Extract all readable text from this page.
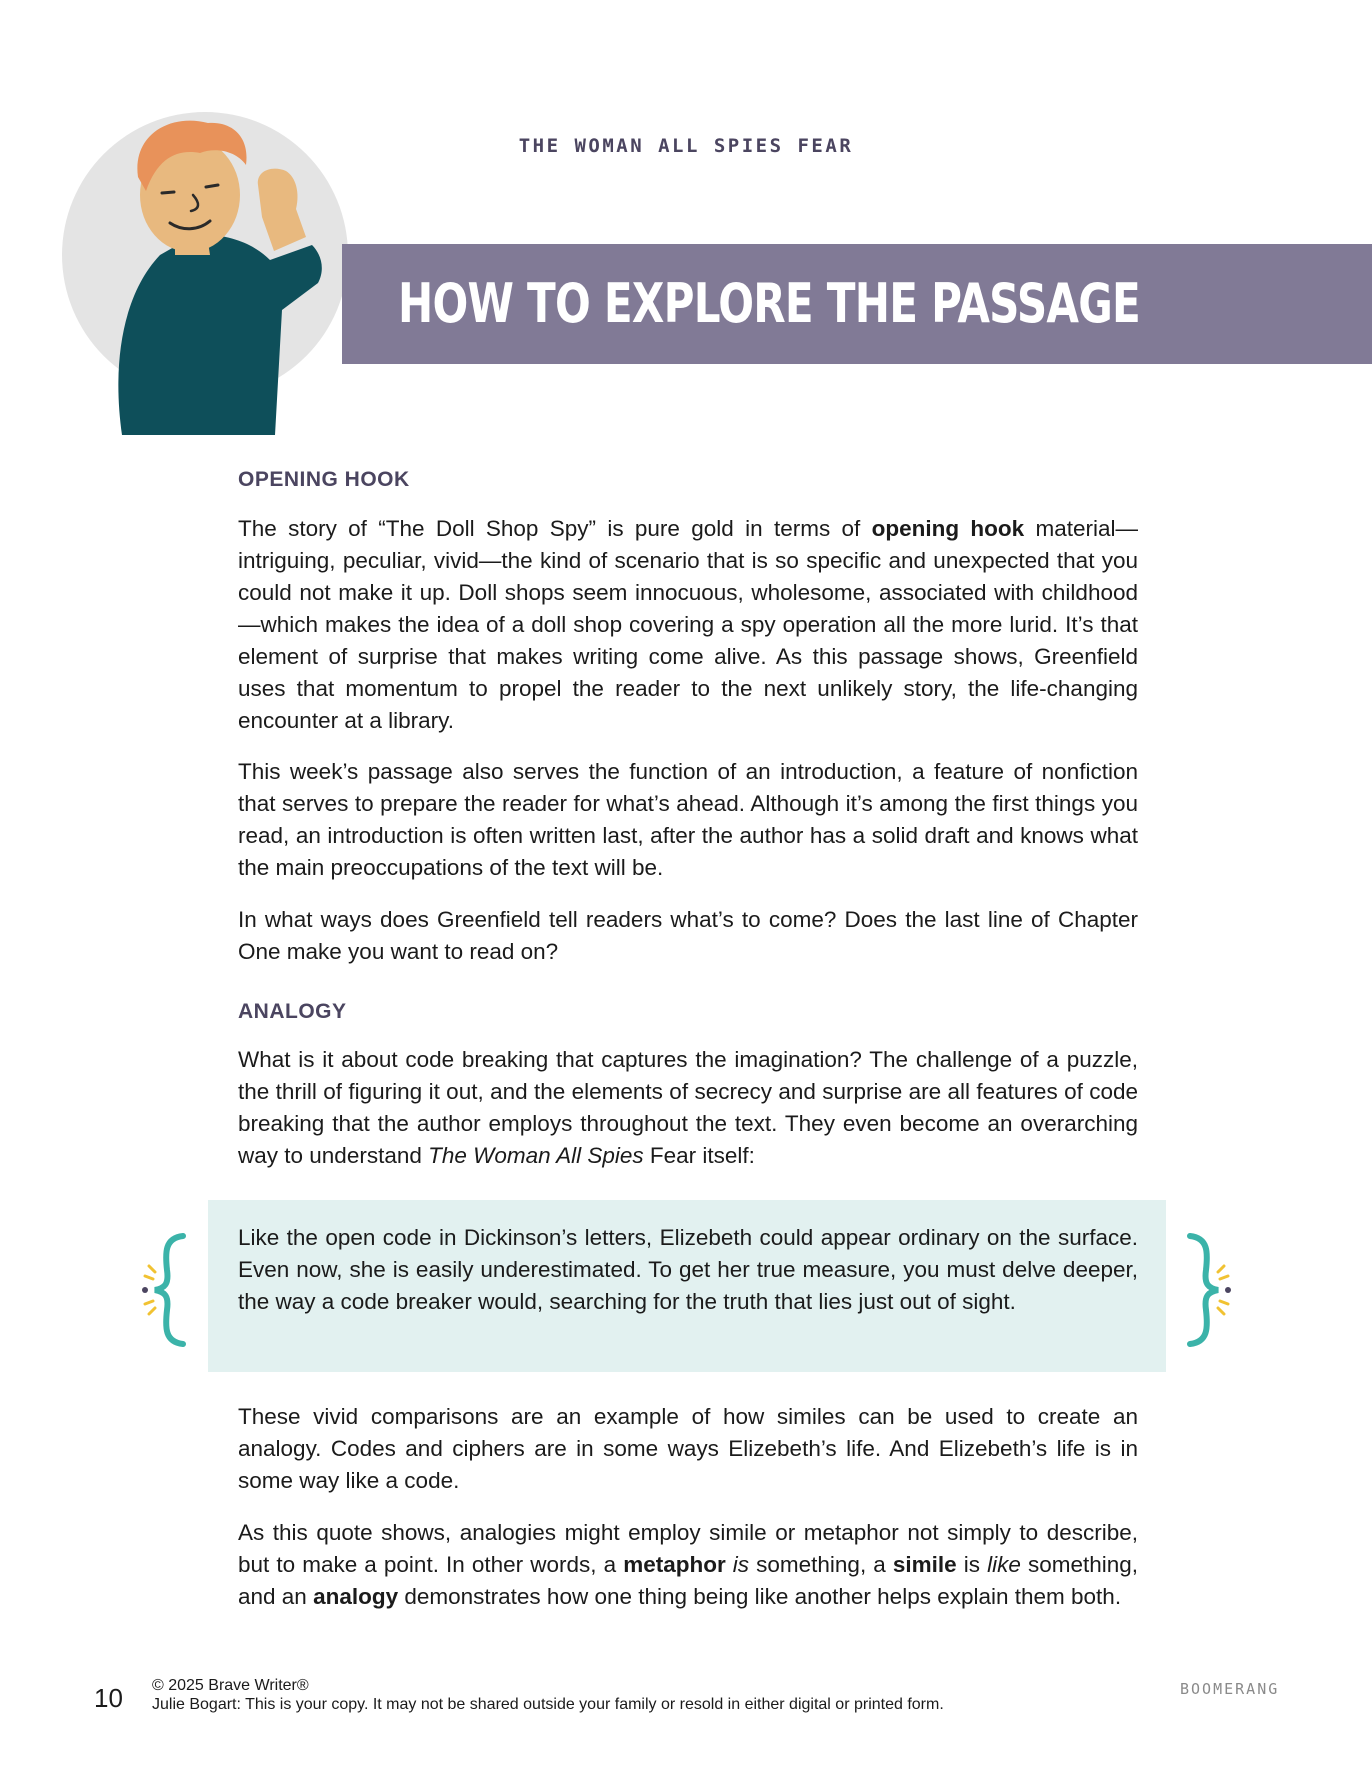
THE WOMAN ALL SPIES FEAR
HOW TO EXPLORE THE PASSAGE
OPENING HOOK

The story of “The Doll Shop Spy” is pure gold in terms of opening hook material—intriguing, peculiar, vivid—the kind of scenario that is so specific and unexpected that you could not make it up. Doll shops seem innocuous, wholesome, associated with childhood—which makes the idea of a doll shop covering a spy operation all the more lurid. It’s that element of surprise that makes writing come alive. As this passage shows, Greenfield uses that momentum to propel the reader to the next unlikely story, the life-changing encounter at a library.

This week’s passage also serves the function of an introduction, a feature of nonfiction that serves to prepare the reader for what’s ahead. Although it’s among the first things you read, an introduction is often written last, after the author has a solid draft and knows what the main preoccupations of the text will be.

In what ways does Greenfield tell readers what’s to come? Does the last line of Chapter One make you want to read on?

ANALOGY

What is it about code breaking that captures the imagination? The challenge of a puzzle, the thrill of figuring it out, and the elements of secrecy and surprise are all features of code breaking that the author employs throughout the text. They even become an overarching way to understand The Woman All Spies Fear itself:

Like the open code in Dickinson’s letters, Elizebeth could appear ordinary on the surface. Even now, she is easily underestimated. To get her true measure, you must delve deeper, the way a code breaker would, searching for the truth that lies just out of sight.

These vivid comparisons are an example of how similes can be used to create an analogy. Codes and ciphers are in some ways Elizebeth’s life. And Elizebeth’s life is in some way like a code.

As this quote shows, analogies might employ simile or metaphor not simply to describe, but to make a point. In other words, a metaphor is something, a simile is like something, and an analogy demonstrates how one thing being like another helps explain them both.

10 © 2025 Brave Writer®
Julie Bogart: This is your copy. It may not be shared outside your family or resold in either digital or printed form.
BOOMERANG
